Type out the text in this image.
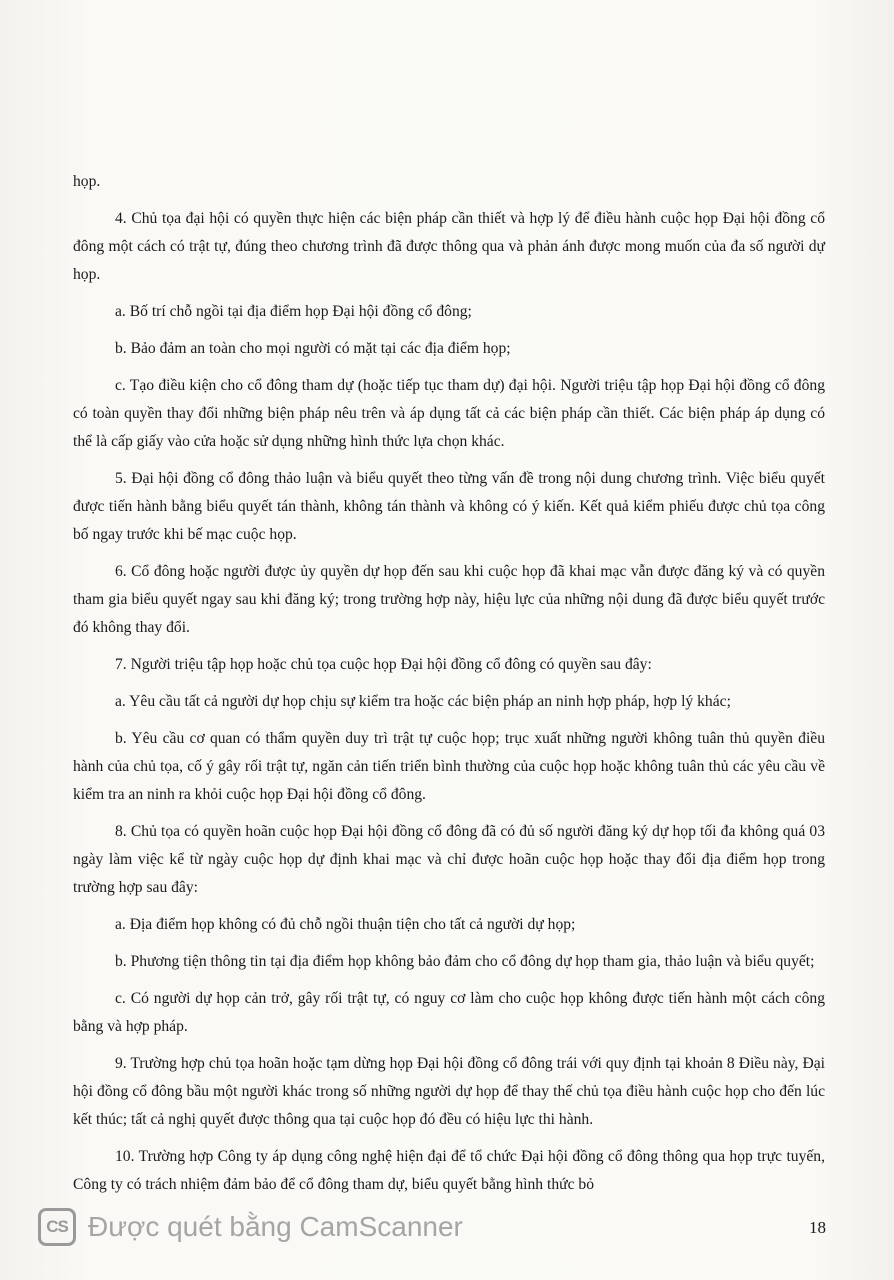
họp.

4. Chủ tọa đại hội có quyền thực hiện các biện pháp cần thiết và hợp lý để điều hành cuộc họp Đại hội đồng cổ đông một cách có trật tự, đúng theo chương trình đã được thông qua và phản ánh được mong muốn của đa số người dự họp.

a. Bố trí chỗ ngồi tại địa điểm họp Đại hội đồng cổ đông;

b. Bảo đảm an toàn cho mọi người có mặt tại các địa điểm họp;

c. Tạo điều kiện cho cổ đông tham dự (hoặc tiếp tục tham dự) đại hội. Người triệu tập họp Đại hội đồng cổ đông có toàn quyền thay đổi những biện pháp nêu trên và áp dụng tất cả các biện pháp cần thiết. Các biện pháp áp dụng có thể là cấp giấy vào cửa hoặc sử dụng những hình thức lựa chọn khác.

5. Đại hội đồng cổ đông thảo luận và biểu quyết theo từng vấn đề trong nội dung chương trình. Việc biểu quyết được tiến hành bằng biểu quyết tán thành, không tán thành và không có ý kiến. Kết quả kiểm phiếu được chủ tọa công bố ngay trước khi bế mạc cuộc họp.

6. Cổ đông hoặc người được ủy quyền dự họp đến sau khi cuộc họp đã khai mạc vẫn được đăng ký và có quyền tham gia biểu quyết ngay sau khi đăng ký; trong trường hợp này, hiệu lực của những nội dung đã được biểu quyết trước đó không thay đổi.

7. Người triệu tập họp hoặc chủ tọa cuộc họp Đại hội đồng cổ đông có quyền sau đây:

a. Yêu cầu tất cả người dự họp chịu sự kiểm tra hoặc các biện pháp an ninh hợp pháp, hợp lý khác;

b. Yêu cầu cơ quan có thẩm quyền duy trì trật tự cuộc họp; trục xuất những người không tuân thủ quyền điều hành của chủ tọa, cố ý gây rối trật tự, ngăn cản tiến triển bình thường của cuộc họp hoặc không tuân thủ các yêu cầu về kiểm tra an ninh ra khỏi cuộc họp Đại hội đồng cổ đông.

8. Chủ tọa có quyền hoãn cuộc họp Đại hội đồng cổ đông đã có đủ số người đăng ký dự họp tối đa không quá 03 ngày làm việc kể từ ngày cuộc họp dự định khai mạc và chỉ được hoãn cuộc họp hoặc thay đổi địa điểm họp trong trường hợp sau đây:

a. Địa điểm họp không có đủ chỗ ngồi thuận tiện cho tất cả người dự họp;

b. Phương tiện thông tin tại địa điểm họp không bảo đảm cho cổ đông dự họp tham gia, thảo luận và biểu quyết;

c. Có người dự họp cản trở, gây rối trật tự, có nguy cơ làm cho cuộc họp không được tiến hành một cách công bằng và hợp pháp.

9. Trường hợp chủ tọa hoãn hoặc tạm dừng họp Đại hội đồng cổ đông trái với quy định tại khoản 8 Điều này, Đại hội đồng cổ đông bầu một người khác trong số những người dự họp để thay thế chủ tọa điều hành cuộc họp cho đến lúc kết thúc; tất cả nghị quyết được thông qua tại cuộc họp đó đều có hiệu lực thi hành.

10. Trường hợp Công ty áp dụng công nghệ hiện đại để tổ chức Đại hội đồng cổ đông thông qua họp trực tuyến, Công ty có trách nhiệm đảm bảo để cổ đông tham dự, biểu quyết bằng hình thức bỏ

CS Được quét bằng CamScanner	18
